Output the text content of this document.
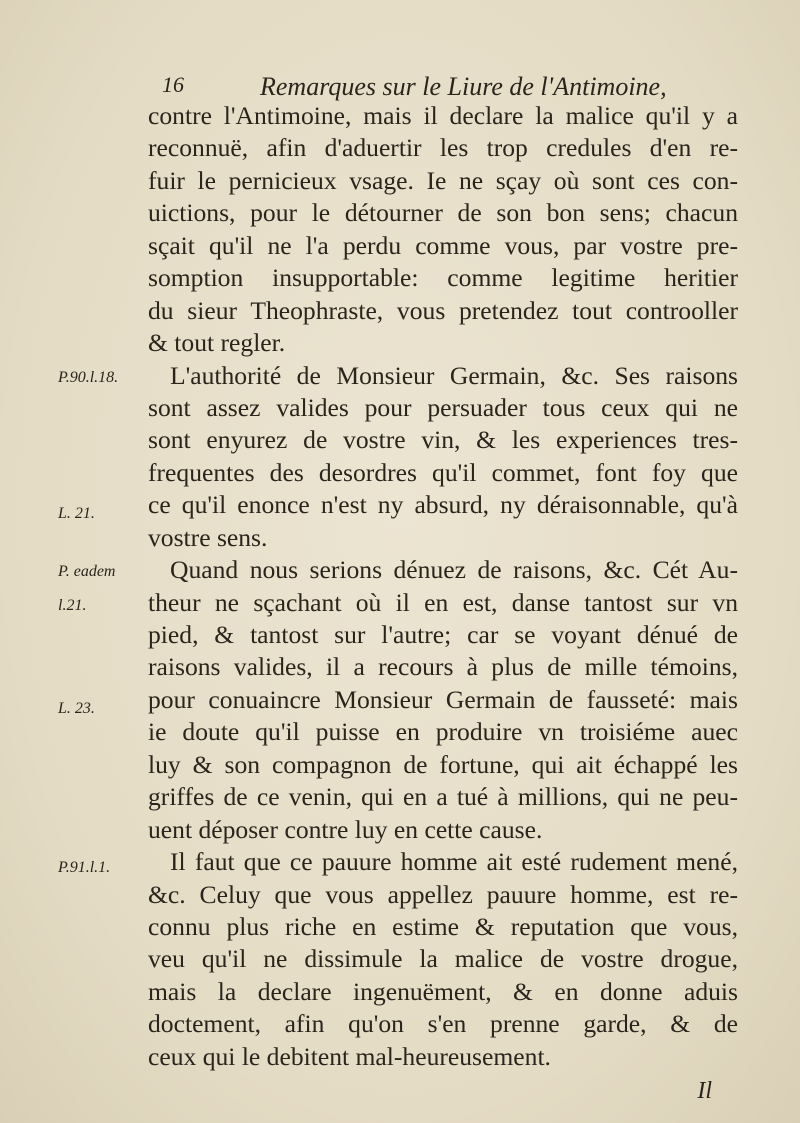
16	Remarques sur le Liure de l'Antimoine,
contre l'Antimoine, mais il declare la malice qu'il y a
reconnuë, afin d'aduertir les trop credules d'en re-
fuir le pernicieux vsage. Ie ne sçay où sont ces con-
uictions, pour le détourner de son bon sens; chacun
sçait qu'il ne l'a perdu comme vous, par vostre pre-
somption insupportable: comme legitime heritier
du sieur Theophraste, vous pretendez tout controoller
& tout regler.
L'authorité de Monsieur Germain, &c. Ses raisons
sont assez valides pour persuader tous ceux qui ne
sont enyurez de vostre vin, & les experiences tres-
frequentes des desordres qu'il commet, font foy que
ce qu'il enonce n'est ny absurd, ny déraisonnable, qu'à
vostre sens.
Quand nous serions dénuez de raisons, &c. Cét Au-
theur ne sçachant où il en est, danse tantost sur vn
pied, & tantost sur l'autre; car se voyant dénué de
raisons valides, il a recours à plus de mille témoins,
pour conuaincre Monsieur Germain de fausseté: mais
ie doute qu'il puisse en produire vn troisiéme auec
luy & son compagnon de fortune, qui ait échappé les
griffes de ce venin, qui en a tué à millions, qui ne peu-
uent déposer contre luy en cette cause.
Il faut que ce pauure homme ait esté rudement mené,
&c. Celuy que vous appellez pauure homme, est re-
connu plus riche en estime & reputation que vous,
veu qu'il ne dissimule la malice de vostre drogue,
mais la declare ingenuëment, & en donne aduis
doctement, afin qu'on s'en prenne garde, & de
ceux qui le debitent mal-heureusement.
P.90.l.18.
L. 21.
P. eadem
l.21.
L. 23.
P.91.l.1.
Il
